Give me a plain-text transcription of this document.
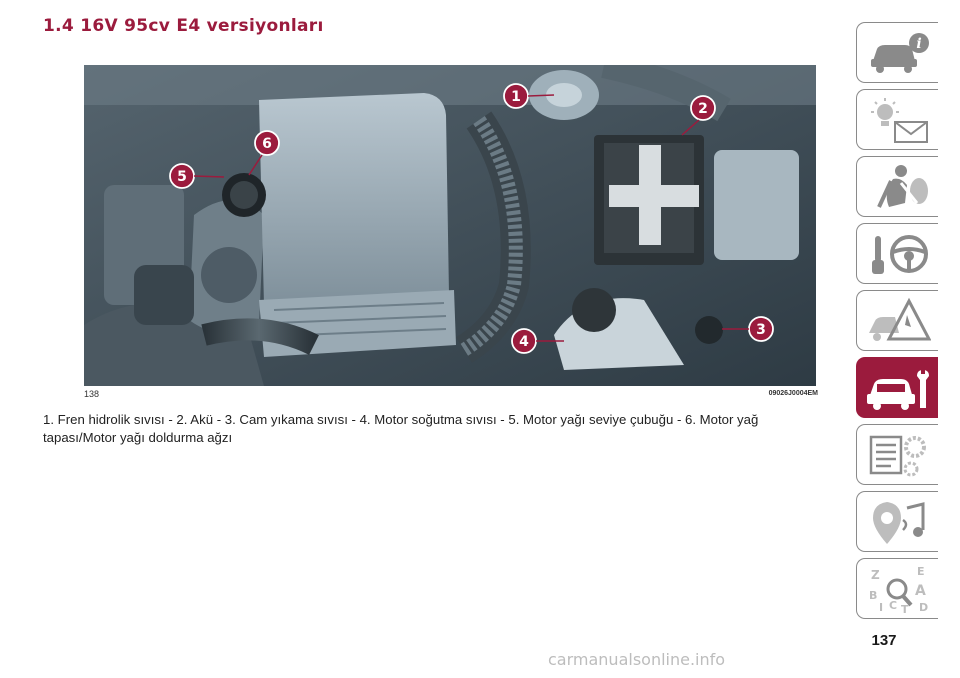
1.4 16V 95cv E4 versiyonları
1
2
3
4
5
6
138	09026J0004EM

1. Fren hidrolik sıvısı - 2. Akü - 3. Cam yıkama sıvısı - 4. Motor soğutma sıvısı - 5. Motor yağı seviye çubuğu - 6. Motor yağ tapası/Motor yağı doldurma ağzı

i
Z	E
B	A
I C T D
137
carmanualsonline.info
